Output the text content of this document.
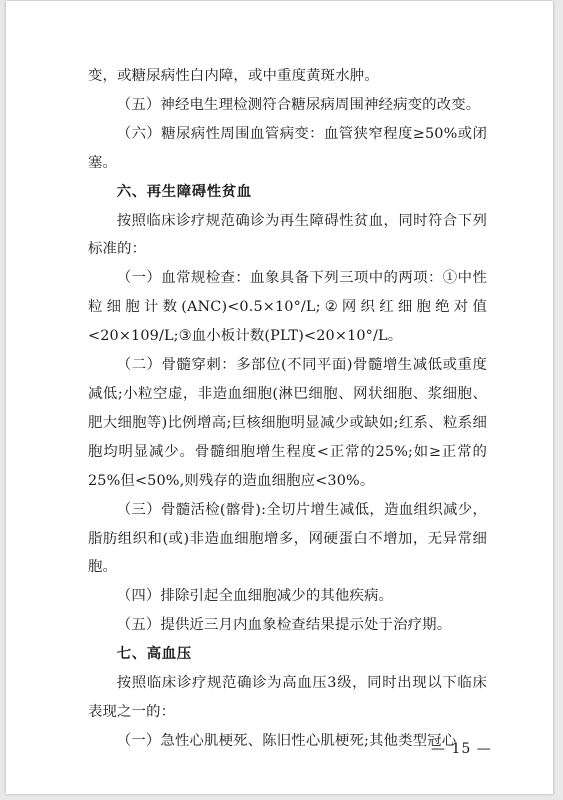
变，或糖尿病性白内障，或中重度黄斑水肿。

（五）神经电生理检测符合糖尿病周围神经病变的改变。

（六）糖尿病性周围血管病变：血管狭窄程度≥50%或闭塞。

六、再生障碍性贫血

按照临床诊疗规范确诊为再生障碍性贫血，同时符合下列标准的：

（一）血常规检查：血象具备下列三项中的两项：①中性粒细胞计数(ANC)<0.5×10°/L;②网织红细胞绝对值<20×109/L;③血小板计数(PLT)<20×10°/L。

（二）骨髓穿刺：多部位(不同平面)骨髓增生减低或重度减低;小粒空虚，非造血细胞(淋巴细胞、网状细胞、浆细胞、肥大细胞等)比例增高;巨核细胞明显减少或缺如;红系、粒系细胞均明显减少。骨髓细胞增生程度<正常的25%;如≥正常的25%但<50%,则残存的造血细胞应<30%。

（三）骨髓活检(髂骨):全切片增生减低，造血组织减少，脂肪组织和(或)非造血细胞增多，网硬蛋白不增加，无异常细胞。

（四）排除引起全血细胞减少的其他疾病。

（五）提供近三月内血象检查结果提示处于治疗期。

七、高血压

按照临床诊疗规范确诊为高血压3级，同时出现以下临床表现之一的：

（一）急性心肌梗死、陈旧性心肌梗死;其他类型冠心

— 15 —
